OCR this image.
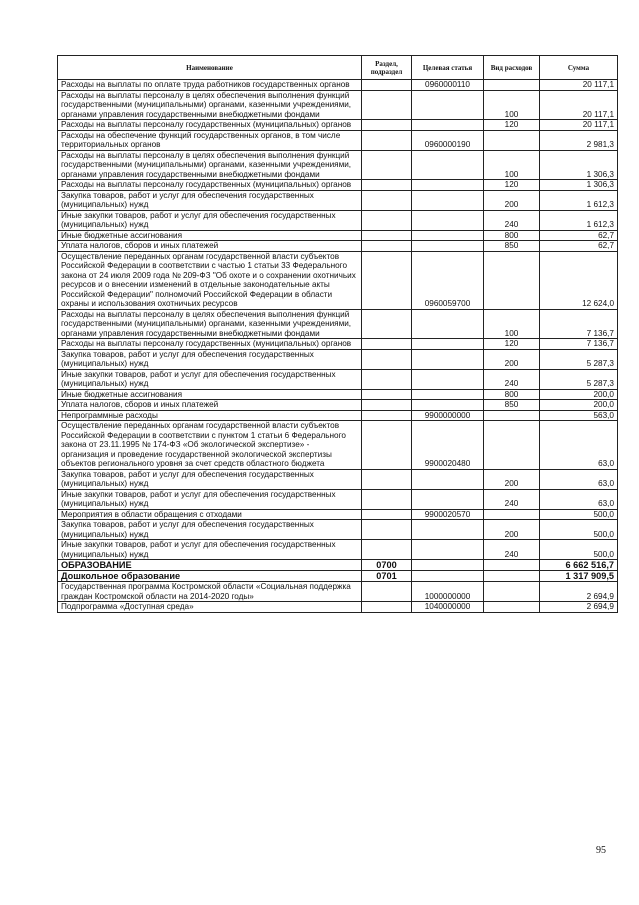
Наименование	Раздел, подраздел	Целевая статья	Вид расходов	Сумма
Расходы на выплаты по оплате труда работников государственных органов		0960000110		20 117,1
Расходы на выплаты персоналу в целях обеспечения выполнения функций государственными (муниципальными) органами, казенными учреждениями, органами управления государственными внебюджетными фондами			100	20 117,1
Расходы на выплаты персоналу государственных (муниципальных) органов			120	20 117,1
Расходы на обеспечение функций государственных органов, в том числе территориальных органов		0960000190		2 981,3
Расходы на выплаты персоналу в целях обеспечения выполнения функций государственными (муниципальными) органами, казенными учреждениями, органами управления государственными внебюджетными фондами			100	1 306,3
Расходы на выплаты персоналу государственных (муниципальных) органов			120	1 306,3
Закупка товаров, работ и услуг для обеспечения государственных (муниципальных) нужд			200	1 612,3
Иные закупки товаров, работ и услуг для обеспечения государственных (муниципальных) нужд			240	1 612,3
Иные бюджетные ассигнования			800	62,7
Уплата налогов, сборов и иных платежей			850	62,7
Осуществление переданных органам государственной власти субъектов Российской Федерации в соответствии с частью 1 статьи 33 Федерального закона от 24 июля 2009 года № 209-ФЗ "Об охоте и о сохранении охотничьих ресурсов и о внесении изменений в отдельные законодательные акты Российской Федерации" полномочий Российской Федерации в области охраны и использования охотничьих ресурсов		0960059700		12 624,0
Расходы на выплаты персоналу в целях обеспечения выполнения функций государственными (муниципальными) органами, казенными учреждениями, органами управления государственными внебюджетными фондами			100	7 136,7
Расходы на выплаты персоналу государственных (муниципальных) органов			120	7 136,7
Закупка товаров, работ и услуг для обеспечения государственных (муниципальных) нужд			200	5 287,3
Иные закупки товаров, работ и услуг для обеспечения государственных (муниципальных) нужд			240	5 287,3
Иные бюджетные ассигнования			800	200,0
Уплата налогов, сборов и иных платежей			850	200,0
Непрограммные расходы		9900000000		563,0
Осуществление переданных органам государственной власти субъектов Российской Федерации в соответствии с пунктом 1 статьи 6 Федерального закона от 23.11.1995 № 174-ФЗ «Об экологической экспертизе» - организация и проведение государственной экологической экспертизы объектов регионального уровня за счет средств областного бюджета		9900020480		63,0
Закупка товаров, работ и услуг для обеспечения государственных (муниципальных) нужд			200	63,0
Иные закупки товаров, работ и услуг для обеспечения государственных (муниципальных) нужд			240	63,0
Мероприятия в области обращения с отходами		9900020570		500,0
Закупка товаров, работ и услуг для обеспечения государственных (муниципальных) нужд			200	500,0
Иные закупки товаров, работ и услуг для обеспечения государственных (муниципальных) нужд			240	500,0
ОБРАЗОВАНИЕ	0700			6 662 516,7
Дошкольное образование	0701			1 317 909,5
Государственная программа Костромской области «Социальная поддержка граждан Костромской области на 2014-2020 годы»		1000000000		2 694,9
Подпрограмма «Доступная среда»		1040000000		2 694,9
95
